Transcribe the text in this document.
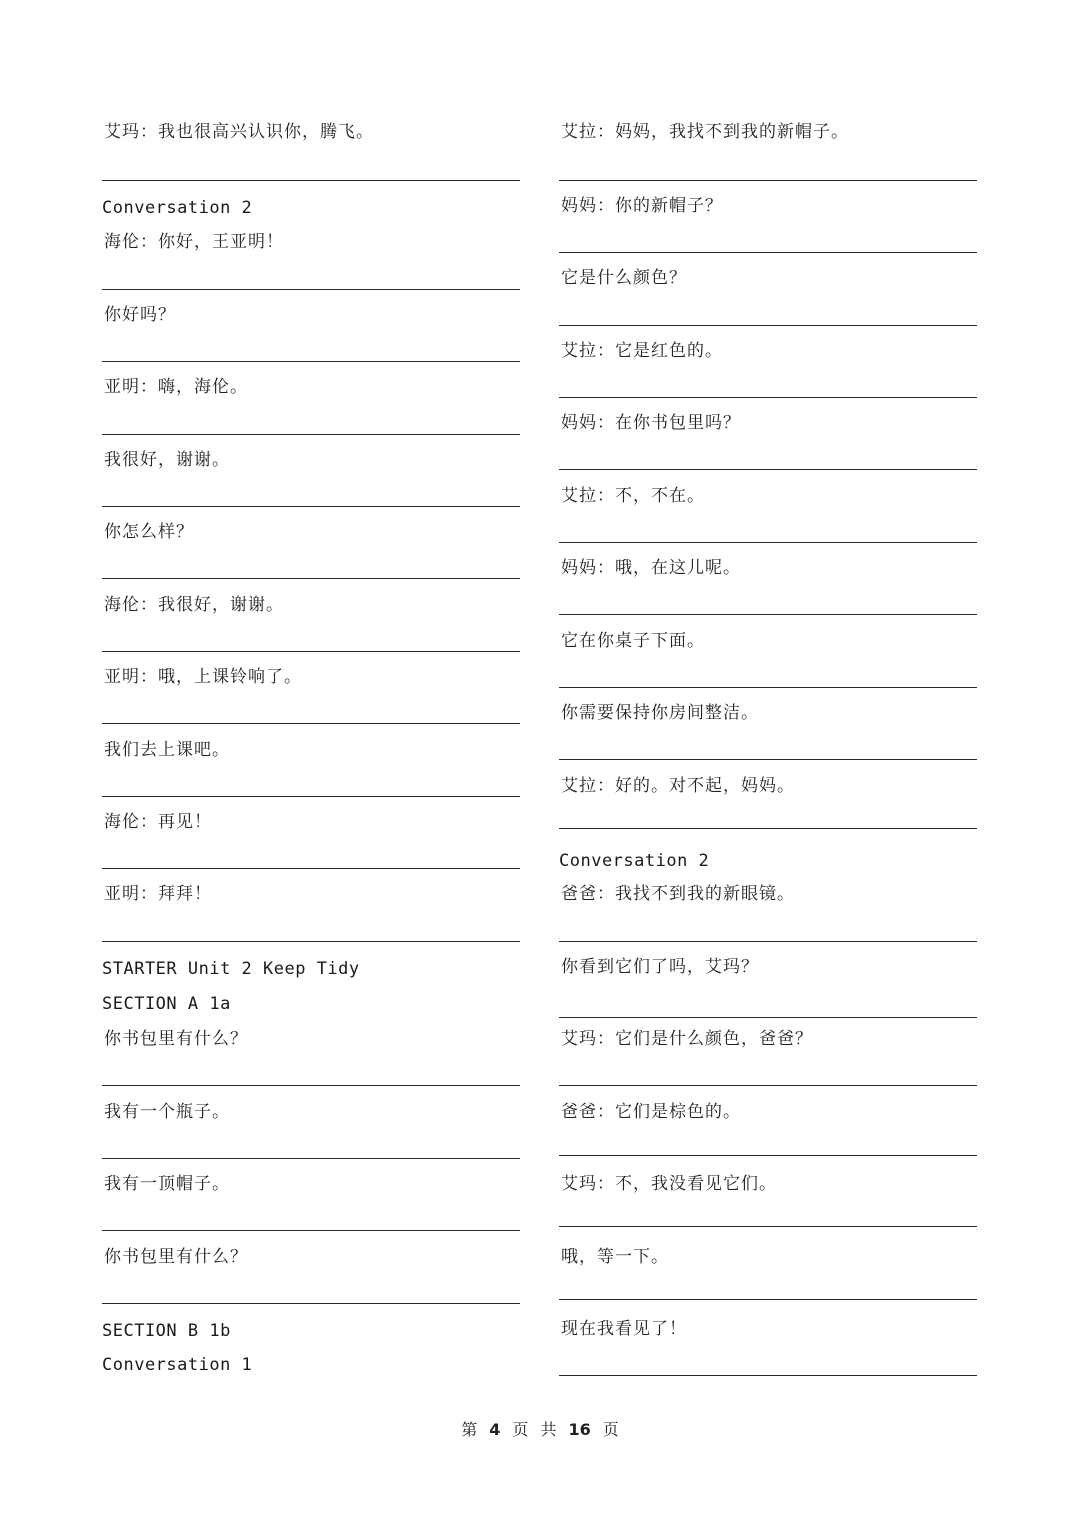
艾玛：我也很高兴认识你，腾飞。
Conversation 2
海伦：你好，王亚明！
你好吗？
亚明：嗨，海伦。
我很好，谢谢。
你怎么样？
海伦：我很好，谢谢。
亚明：哦，上课铃响了。
我们去上课吧。
海伦：再见！
亚明：拜拜！
STARTER Unit 2 Keep Tidy
SECTION A 1a
你书包里有什么？
我有一个瓶子。
我有一顶帽子。
你书包里有什么？
SECTION B 1b
Conversation 1
艾拉：妈妈，我找不到我的新帽子。
妈妈：你的新帽子？
它是什么颜色？
艾拉：它是红色的。
妈妈：在你书包里吗？
艾拉：不，不在。
妈妈：哦，在这儿呢。
它在你桌子下面。
你需要保持你房间整洁。
艾拉：好的。对不起，妈妈。
Conversation 2
爸爸：我找不到我的新眼镜。
你看到它们了吗，艾玛？
艾玛：它们是什么颜色，爸爸？
爸爸：它们是棕色的。
艾玛：不，我没看见它们。
哦，等一下。
现在我看见了！
第 4 页 共 16 页
